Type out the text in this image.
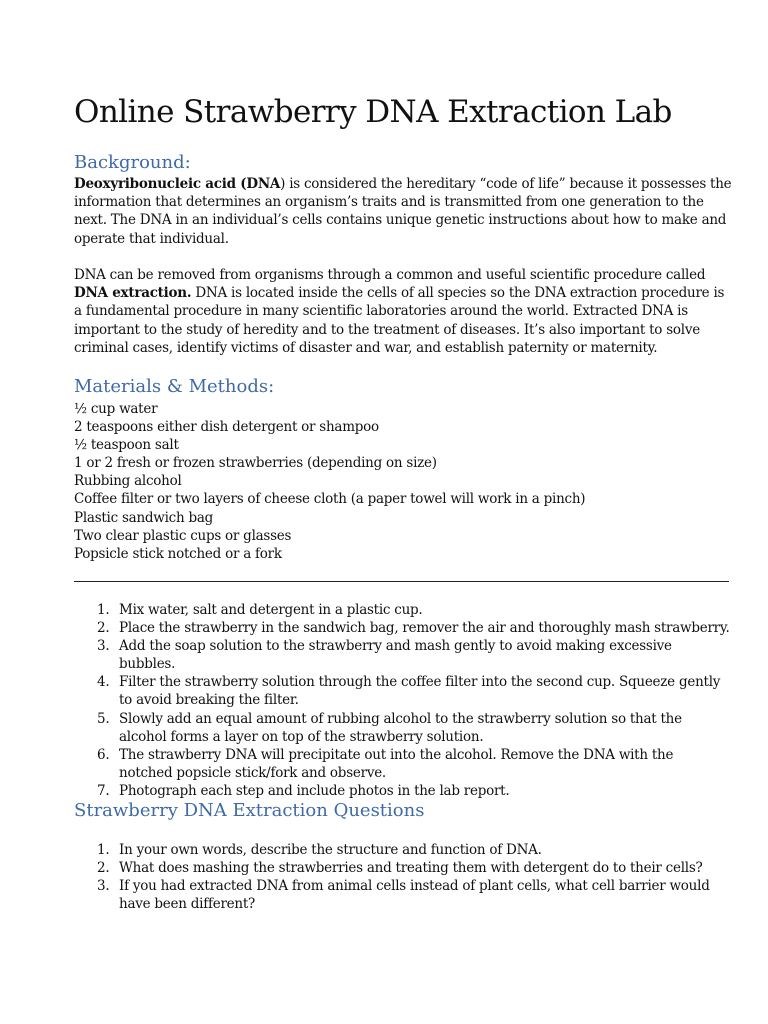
Online Strawberry DNA Extraction Lab
Background:

Deoxyribonucleic acid (DNA) is considered the hereditary “code of life” because it possesses the information that determines an organism’s traits and is transmitted from one generation to the next. The DNA in an individual’s cells contains unique genetic instructions about how to make and operate that individual.

DNA can be removed from organisms through a common and useful scientific procedure called DNA extraction. DNA is located inside the cells of all species so the DNA extraction procedure is a fundamental procedure in many scientific laboratories around the world. Extracted DNA is important to the study of heredity and to the treatment of diseases. It’s also important to solve criminal cases, identify victims of disaster and war, and establish paternity or maternity.

Materials & Methods:
½ cup water
2 teaspoons either dish detergent or shampoo
½ teaspoon salt
1 or 2 fresh or frozen strawberries (depending on size)
Rubbing alcohol
Coffee filter or two layers of cheese cloth (a paper towel will work in a pinch)
Plastic sandwich bag
Two clear plastic cups or glasses
Popsicle stick notched or a fork
1. Mix water, salt and detergent in a plastic cup.
2. Place the strawberry in the sandwich bag, remover the air and thoroughly mash strawberry.
3. Add the soap solution to the strawberry and mash gently to avoid making excessive bubbles.
4. Filter the strawberry solution through the coffee filter into the second cup. Squeeze gently to avoid breaking the filter.
5. Slowly add an equal amount of rubbing alcohol to the strawberry solution so that the alcohol forms a layer on top of the strawberry solution.
6. The strawberry DNA will precipitate out into the alcohol. Remove the DNA with the notched popsicle stick/fork and observe.
7. Photograph each step and include photos in the lab report.
Strawberry DNA Extraction Questions
1. In your own words, describe the structure and function of DNA.
2. What does mashing the strawberries and treating them with detergent do to their cells?
3. If you had extracted DNA from animal cells instead of plant cells, what cell barrier would have been different?
